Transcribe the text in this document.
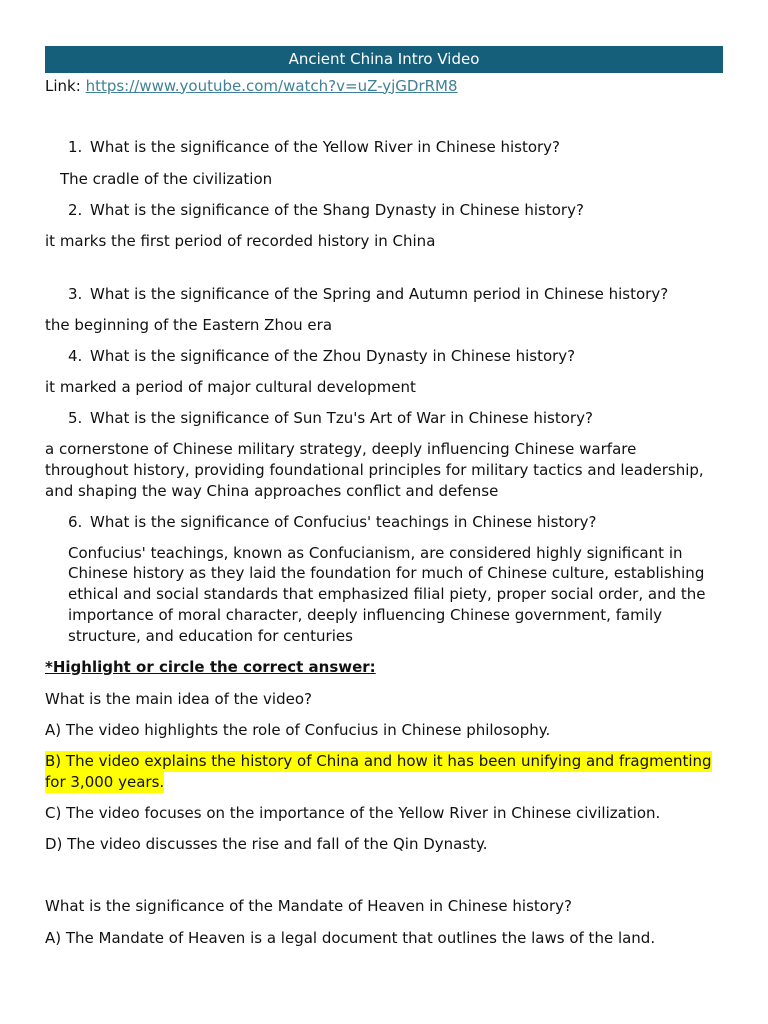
Ancient China Intro Video
Link: https://www.youtube.com/watch?v=uZ-yjGDrRM8
1. What is the significance of the Yellow River in Chinese history?
The cradle of the civilization
2. What is the significance of the Shang Dynasty in Chinese history?
it marks the first period of recorded history in China
3. What is the significance of the Spring and Autumn period in Chinese history?
the beginning of the Eastern Zhou era
4. What is the significance of the Zhou Dynasty in Chinese history?
it marked a period of major cultural development
5. What is the significance of Sun Tzu's Art of War in Chinese history?
a cornerstone of Chinese military strategy, deeply influencing Chinese warfare
throughout history, providing foundational principles for military tactics and leadership,
and shaping the way China approaches conflict and defense
6. What is the significance of Confucius' teachings in Chinese history?
Confucius' teachings, known as Confucianism, are considered highly significant in
Chinese history as they laid the foundation for much of Chinese culture, establishing
ethical and social standards that emphasized filial piety, proper social order, and the
importance of moral character, deeply influencing Chinese government, family
structure, and education for centuries
*Highlight or circle the correct answer:
What is the main idea of the video?
A) The video highlights the role of Confucius in Chinese philosophy.
B) The video explains the history of China and how it has been unifying and fragmenting
for 3,000 years.
C) The video focuses on the importance of the Yellow River in Chinese civilization.
D) The video discusses the rise and fall of the Qin Dynasty.
What is the significance of the Mandate of Heaven in Chinese history?
A) The Mandate of Heaven is a legal document that outlines the laws of the land.
